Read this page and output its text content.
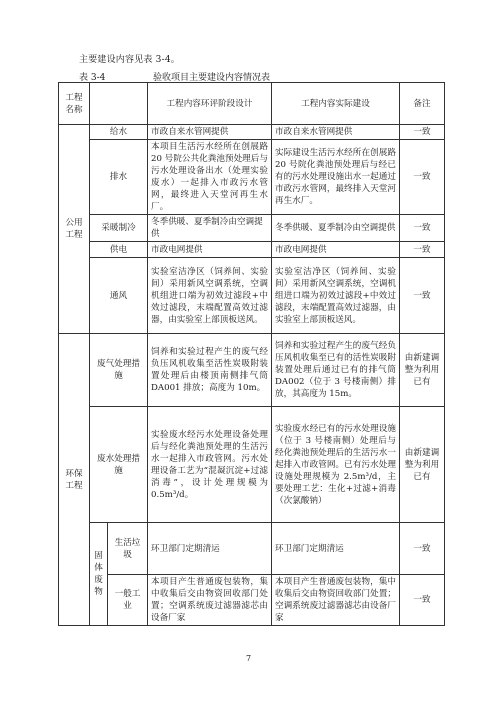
主要建设内容见表 3-4。
表 3-4	验收项目主要建设内容情况表
工程名称			工程内容环评阶段设计	工程内容实际建设	备注
公用工程	给水		市政自来水管网提供	市政自来水管网提供	一致
	排水		本项目生活污水经所在创展路 20 号院公共化粪池预处理后与污水处理设备出水（处理实验废水）一起排入市政污水管网，最终进入天堂河再生水厂。	实际建设生活污水经所在创展路 20 号院化粪池预处理后与经已有的污水处理设施出水一起通过市政污水管网，最终排入天堂河再生水厂。	一致
	采暖制冷		冬季供暖、夏季制冷由空调提供	冬季供暖、夏季制冷由空调提供	一致
	供电		市政电网提供	市政电网提供	一致
	通风		实验室洁净区（饲养间、实验间）采用新风空调系统，空调机组进口端为初效过滤段+中效过滤段，末端配置高效过滤器，由实验室上部顶板送风。	实验室洁净区（饲养间、实验间）采用新风空调系统，空调机组进口端为初效过滤段+中效过滤段，末端配置高效过滤器，由实验室上部顶板送风。	一致
环保工程	废气处理措施		饲养和实验过程产生的废气经负压风机收集至活性炭吸附装置处理后由楼顶南侧排气筒 DA001 排放；高度为 10m。	饲养和实验过程产生的废气经负压风机收集至已有的活性炭吸附装置处理后通过已有的排气筒 DA002（位于 3 号楼南侧）排放，其高度为 15m。	由新建调整为利用已有
	废水处理措施		实验废水经污水处理设备处理后与经化粪池预处理的生活污水一起排入市政管网。污水处理设备工艺为“混凝沉淀+过滤消毒”，设计处理规模为 0.5m³/d。	实验废水经已有的污水处理设施（位于 3 号楼南侧）处理后与经化粪池预处理后的生活污水一起排入市政管网。已有污水处理设施处理规模为 2.5m³/d，主要处理工艺：生化+过滤+消毒（次氯酸钠）	由新建调整为利用已有
	固体废物	生活垃圾	环卫部门定期清运	环卫部门定期清运	一致
		一般工业	本项目产生普通废包装物，集中收集后交由物资回收部门处置；空调系统废过滤器滤芯由设备厂家	本项目产生普通废包装物，集中收集后交由物资回收部门处置；空调系统废过滤器滤芯由设备厂家	一致
7
